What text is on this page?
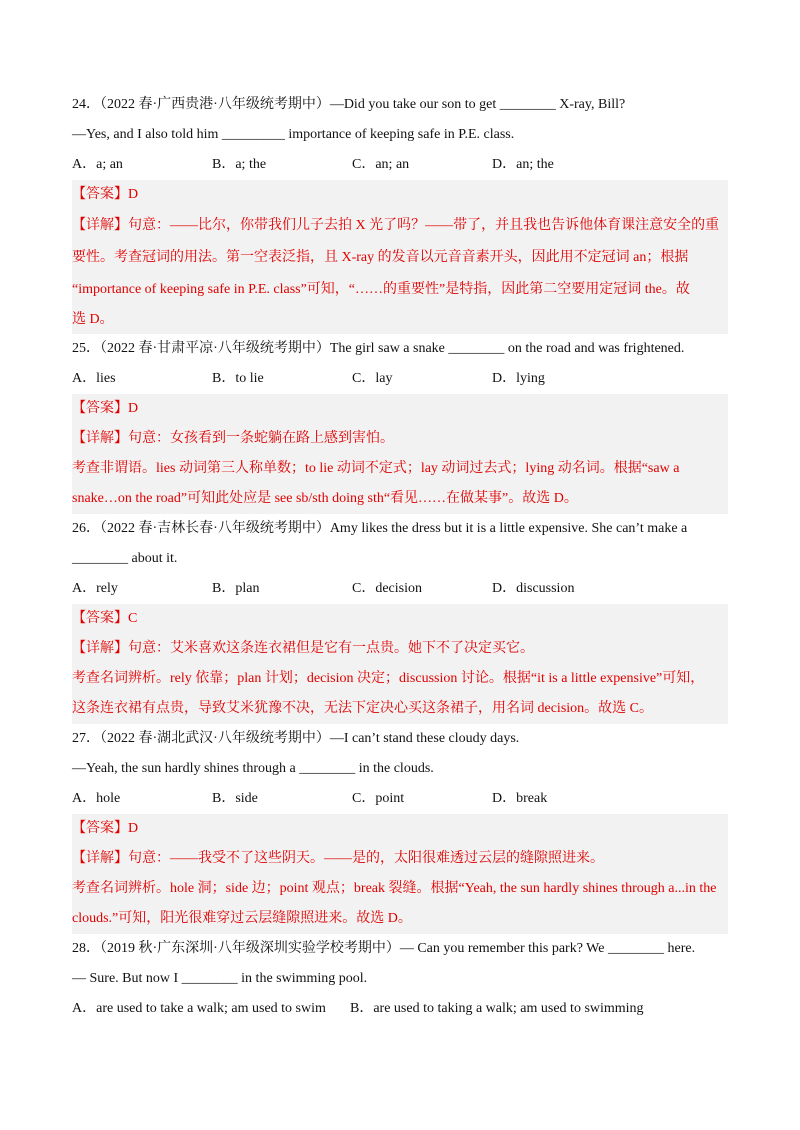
24．（2022 春·广西贵港·八年级统考期中）—Did you take our son to get ________ X-ray, Bill?
—Yes, and I also told him _________ importance of keeping safe in P.E. class.
A．a; an	B．a; the	C．an; an	D．an; the
【答案】D
【详解】句意：——比尔，你带我们儿子去拍 X 光了吗？——带了，并且我也告诉他体育课注意安全的重
要性。考查冠词的用法。第一空表泛指，且 X-ray 的发音以元音音素开头，因此用不定冠词 an；根据
“importance of keeping safe in P.E. class”可知，“……的重要性”是特指，因此第二空要用定冠词 the。故
选 D。
25．（2022 春·甘肃平凉·八年级统考期中）The girl saw a snake ________ on the road and was frightened.
A．lies	B．to lie	C．lay	D．lying
【答案】D
【详解】句意：女孩看到一条蛇躺在路上感到害怕。
考查非谓语。lies 动词第三人称单数；to lie 动词不定式；lay 动词过去式；lying 动名词。根据“saw a
snake…on the road”可知此处应是 see sb/sth doing sth“看见……在做某事”。故选 D。
26．（2022 春·吉林长春·八年级统考期中）Amy likes the dress but it is a little expensive. She can’t make a
________ about it.
A．rely	B．plan	C．decision	D．discussion
【答案】C
【详解】句意：艾米喜欢这条连衣裙但是它有一点贵。她下不了决定买它。
考查名词辨析。rely 依靠；plan 计划；decision 决定；discussion 讨论。根据“it is a little expensive”可知，
这条连衣裙有点贵，导致艾米犹豫不决，无法下定决心买这条裙子，用名词 decision。故选 C。
27．（2022 春·湖北武汉·八年级统考期中）—I can’t stand these cloudy days.
—Yeah, the sun hardly shines through a ________ in the clouds.
A．hole	B．side	C．point	D．break
【答案】D
【详解】句意：——我受不了这些阴天。——是的，太阳很难透过云层的缝隙照进来。
考查名词辨析。hole 洞；side 边；point 观点；break 裂缝。根据“Yeah, the sun hardly shines through a...in the
clouds.”可知，阳光很难穿过云层缝隙照进来。故选 D。
28．（2019 秋·广东深圳·八年级深圳实验学校考期中）— Can you remember this park? We ________ here.
— Sure. But now I ________ in the swimming pool.
A．are used to take a walk; am used to swim	B．are used to taking a walk; am used to swimming
